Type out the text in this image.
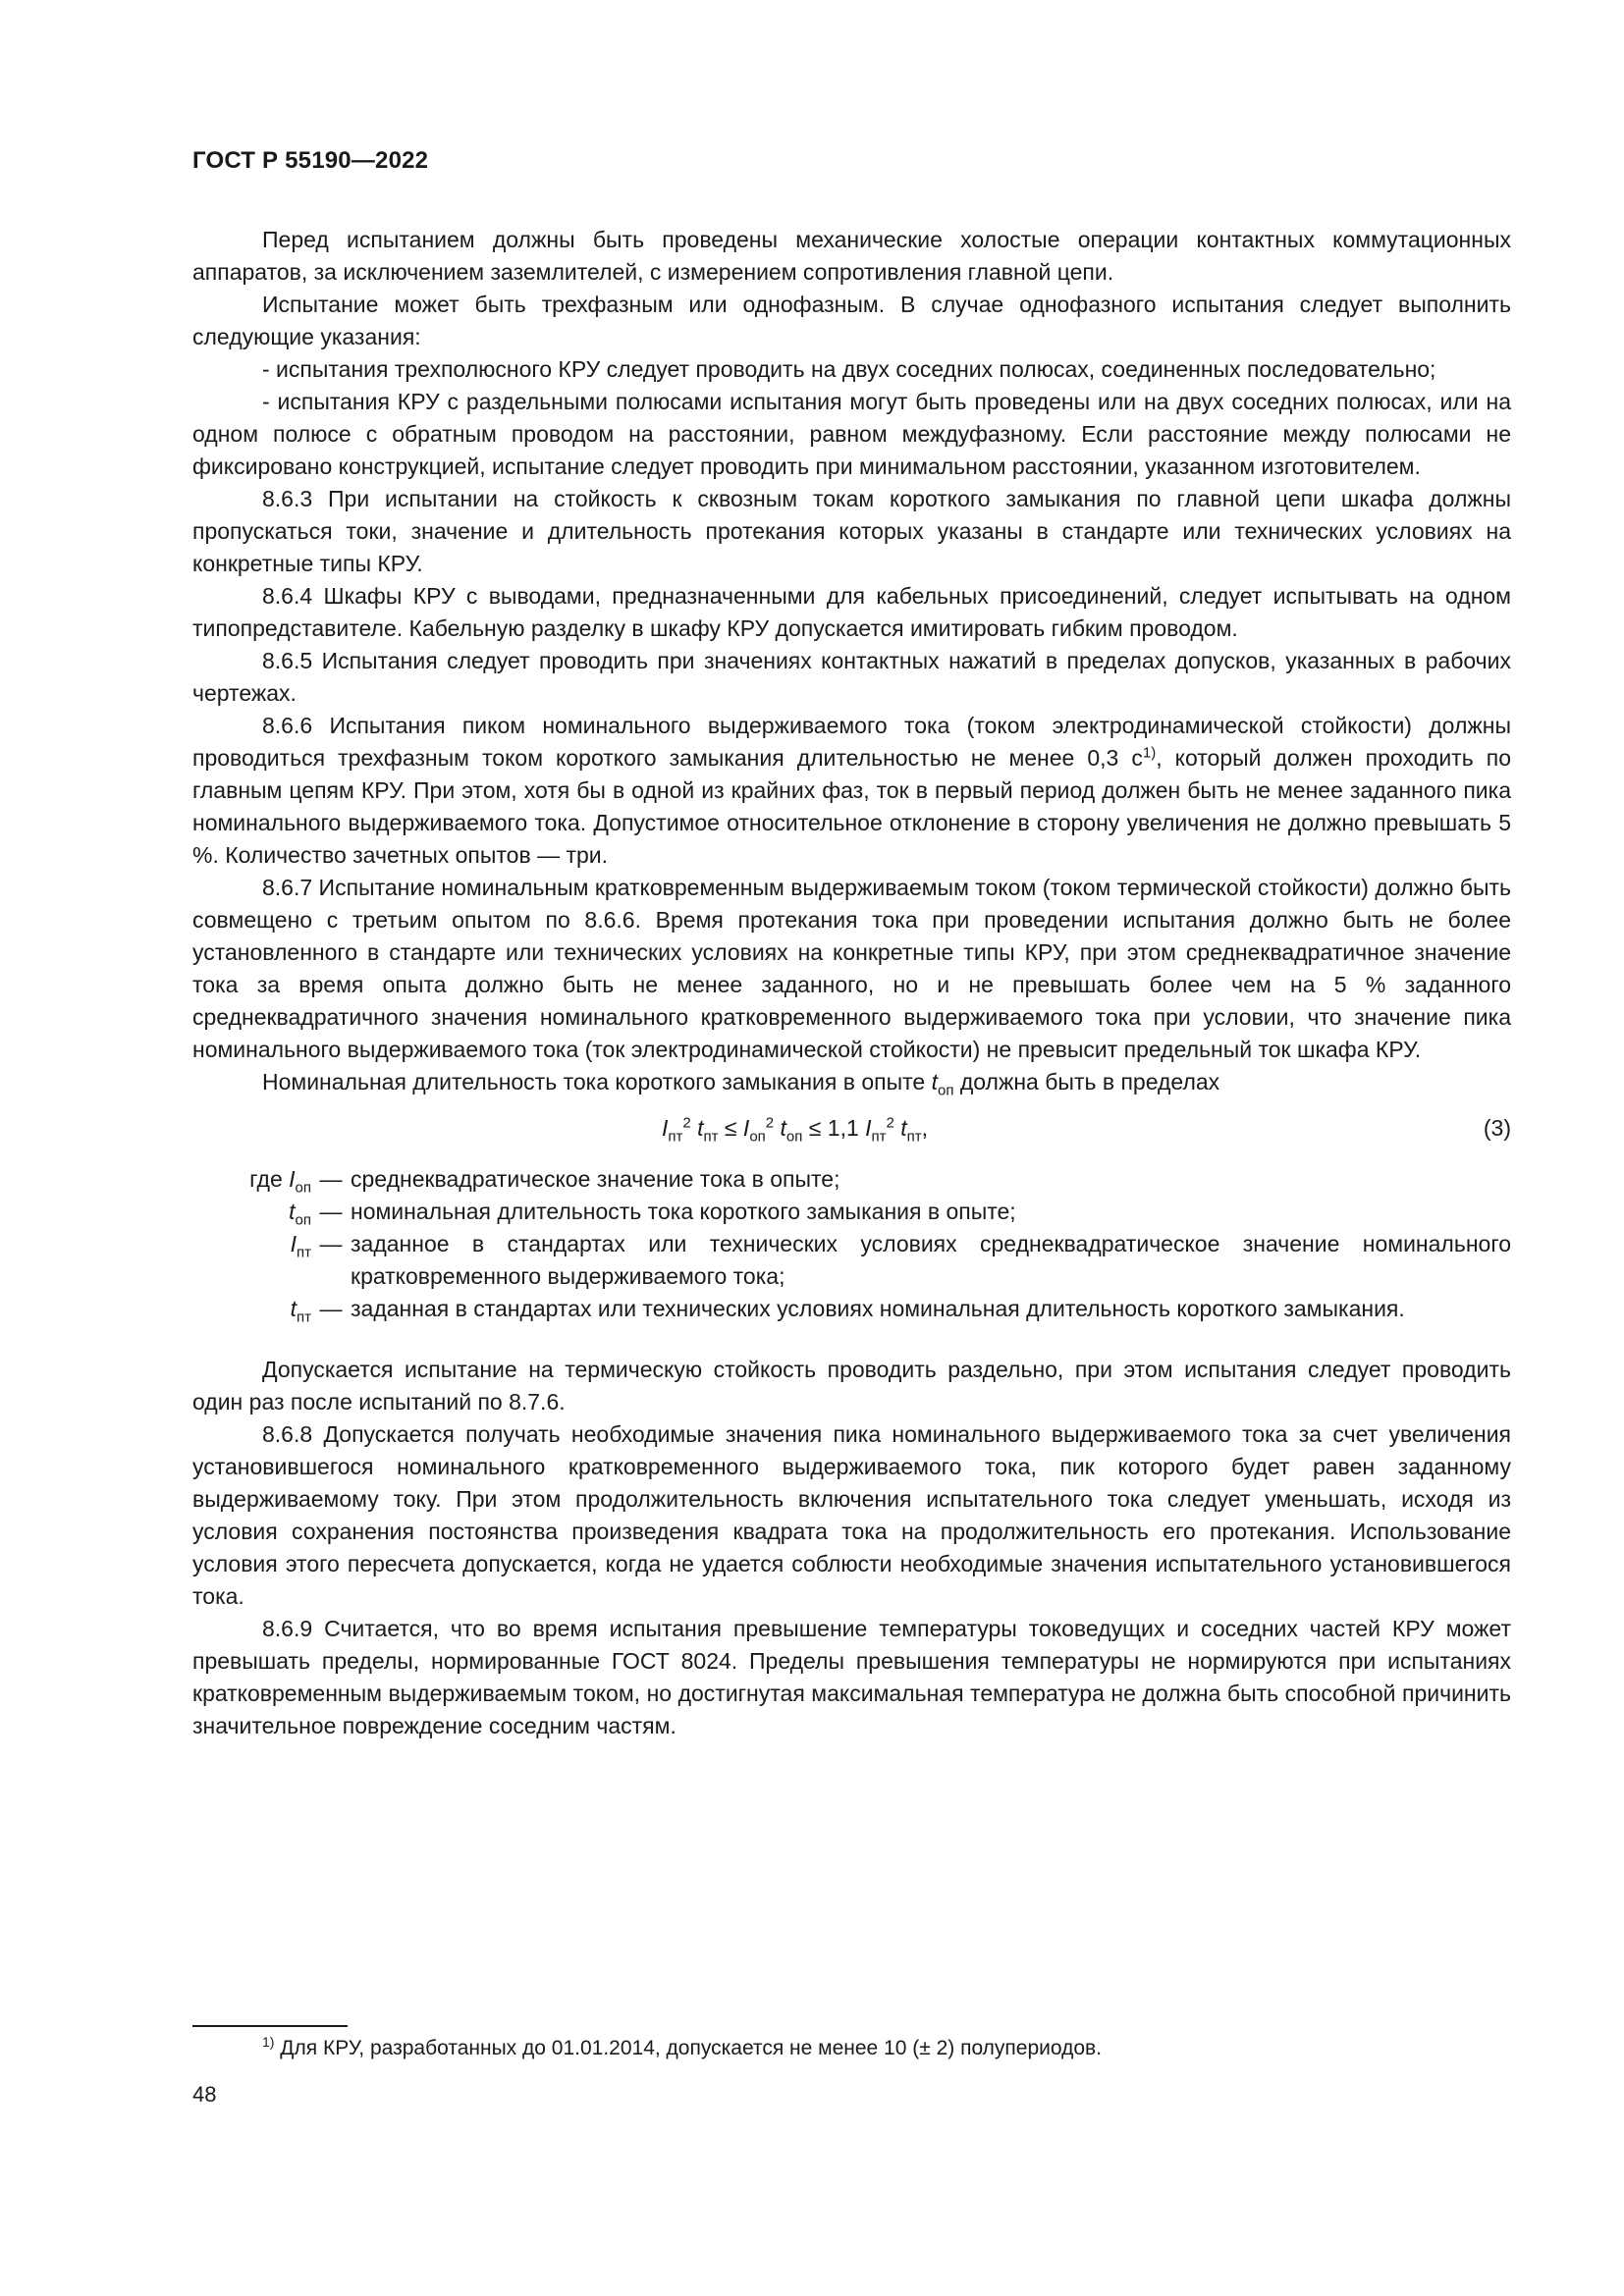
ГОСТ Р 55190—2022

Перед испытанием должны быть проведены механические холостые операции контактных коммутационных аппаратов, за исключением заземлителей, с измерением сопротивления главной цепи.

Испытание может быть трехфазным или однофазным. В случае однофазного испытания следует выполнить следующие указания:

- испытания трехполюсного КРУ следует проводить на двух соседних полюсах, соединенных последовательно;

- испытания КРУ с раздельными полюсами испытания могут быть проведены или на двух соседних полюсах, или на одном полюсе с обратным проводом на расстоянии, равном междуфазному. Если расстояние между полюсами не фиксировано конструкцией, испытание следует проводить при минимальном расстоянии, указанном изготовителем.

8.6.3 При испытании на стойкость к сквозным токам короткого замыкания по главной цепи шкафа должны пропускаться токи, значение и длительность протекания которых указаны в стандарте или технических условиях на конкретные типы КРУ.

8.6.4 Шкафы КРУ с выводами, предназначенными для кабельных присоединений, следует испытывать на одном типопредставителе. Кабельную разделку в шкафу КРУ допускается имитировать гибким проводом.

8.6.5 Испытания следует проводить при значениях контактных нажатий в пределах допусков, указанных в рабочих чертежах.

8.6.6 Испытания пиком номинального выдерживаемого тока (током электродинамической стойкости) должны проводиться трехфазным током короткого замыкания длительностью не менее 0,3 $с^{1)}$, который должен проходить по главным цепям КРУ. При этом, хотя бы в одной из крайних фаз, ток в первый период должен быть не менее заданного пика номинального выдерживаемого тока. Допустимое относительное отклонение в сторону увеличения не должно превышать 5 %. Количество зачетных опытов — три.

8.6.7 Испытание номинальным кратковременным выдерживаемым током (током термической стойкости) должно быть совмещено с третьим опытом по 8.6.6. Время протекания тока при проведении испытания должно быть не более установленного в стандарте или технических условиях на конкретные типы КРУ, при этом среднеквадратичное значение тока за время опыта должно быть не менее заданного, но и не превышать более чем на 5 % заданного среднеквадратичного значения номинального кратковременного выдерживаемого тока при условии, что значение пика номинального выдерживаемого тока (ток электродинамической стойкости) не превысит предельный ток шкафа КРУ.

Номинальная длительность тока короткого замыкания в опыте $t_{оп}$ должна быть в пределах

$I_{пт}^2$ $t_{пт} \le I_{оп}^2$ $t_{оп} \le 1,1$ $I_{пт}^2$ $t_{пт}$,	(3)
где $I_{оп}$ — среднеквадратическое значение тока в опыте;
$t_{оп}$ — номинальная длительность тока короткого замыкания в опыте;
$I_{пт}$ — заданное в стандартах или технических условиях среднеквадратическое значение номинального кратковременного выдерживаемого тока;
$t_{пт}$ — заданная в стандартах или технических условиях номинальная длительность короткого замыкания.

Допускается испытание на термическую стойкость проводить раздельно, при этом испытания следует проводить один раз после испытаний по 8.7.6.

8.6.8 Допускается получать необходимые значения пика номинального выдерживаемого тока за счет увеличения установившегося номинального кратковременного выдерживаемого тока, пик которого будет равен заданному выдерживаемому току. При этом продолжительность включения испытательного тока следует уменьшать, исходя из условия сохранения постоянства произведения квадрата тока на продолжительность его протекания. Использование условия этого пересчета допускается, когда не удается соблюсти необходимые значения испытательного установившегося тока.

8.6.9 Считается, что во время испытания превышение температуры токоведущих и соседних частей КРУ может превышать пределы, нормированные ГОСТ 8024. Пределы превышения температуры не нормируются при испытаниях кратковременным выдерживаемым током, но достигнутая максимальная температура не должна быть способной причинить значительное повреждение соседним частям.

$^{1)}$ Для КРУ, разработанных до 01.01.2014, допускается не менее 10 (± 2) полупериодов.
48
